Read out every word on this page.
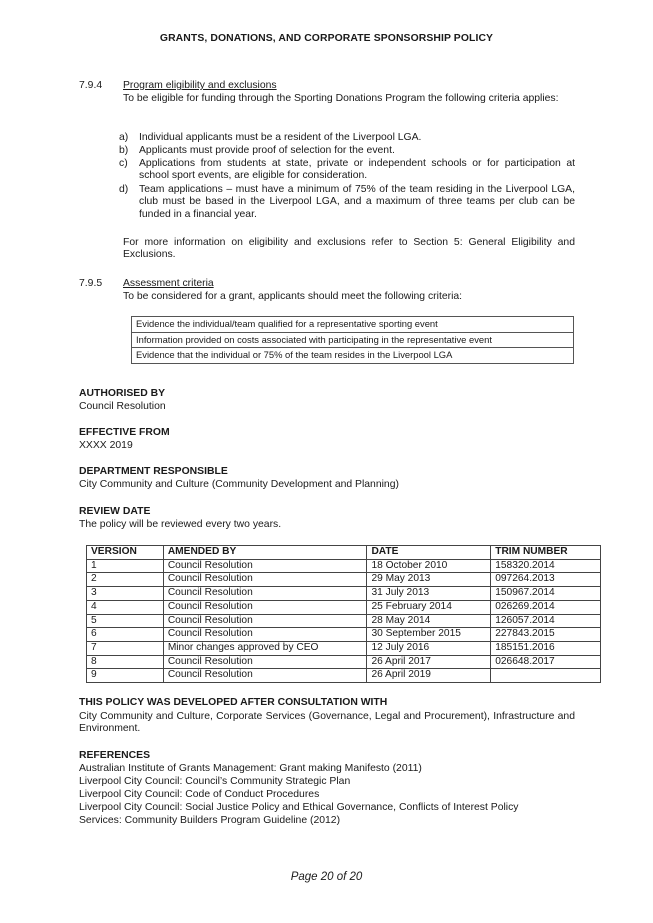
GRANTS, DONATIONS, AND CORPORATE SPONSORSHIP POLICY
7.9.4 Program eligibility and exclusions
To be eligible for funding through the Sporting Donations Program the following criteria applies:
a) Individual applicants must be a resident of the Liverpool LGA.
b) Applicants must provide proof of selection for the event.
c) Applications from students at state, private or independent schools or for participation at school sport events, are eligible for consideration.
d) Team applications – must have a minimum of 75% of the team residing in the Liverpool LGA, club must be based in the Liverpool LGA, and a maximum of three teams per club can be funded in a financial year.
For more information on eligibility and exclusions refer to Section 5: General Eligibility and Exclusions.
7.9.5 Assessment criteria
To be considered for a grant, applicants should meet the following criteria:
Evidence the individual/team qualified for a representative sporting event
Information provided on costs associated with participating in the representative event
Evidence that the individual or 75% of the team resides in the Liverpool LGA
AUTHORISED BY
Council Resolution
EFFECTIVE FROM
XXXX 2019
DEPARTMENT RESPONSIBLE
City Community and Culture (Community Development and Planning)
REVIEW DATE
The policy will be reviewed every two years.
VERSION	AMENDED BY	DATE	TRIM NUMBER
1	Council Resolution	18 October 2010	158320.2014
2	Council Resolution	29 May 2013	097264.2013
3	Council Resolution	31 July 2013	150967.2014
4	Council Resolution	25 February 2014	026269.2014
5	Council Resolution	28 May 2014	126057.2014
6	Council Resolution	30 September 2015	227843.2015
7	Minor changes approved by CEO	12 July 2016	185151.2016
8	Council Resolution	26 April 2017	026648.2017
9	Council Resolution	26 April 2019	
THIS POLICY WAS DEVELOPED AFTER CONSULTATION WITH
City Community and Culture, Corporate Services (Governance, Legal and Procurement), Infrastructure and Environment.
REFERENCES
Australian Institute of Grants Management: Grant making Manifesto (2011)
Liverpool City Council: Council’s Community Strategic Plan
Liverpool City Council: Code of Conduct Procedures
Liverpool City Council: Social Justice Policy and Ethical Governance, Conflicts of Interest Policy
Services: Community Builders Program Guideline (2012)
Page 20 of 20
